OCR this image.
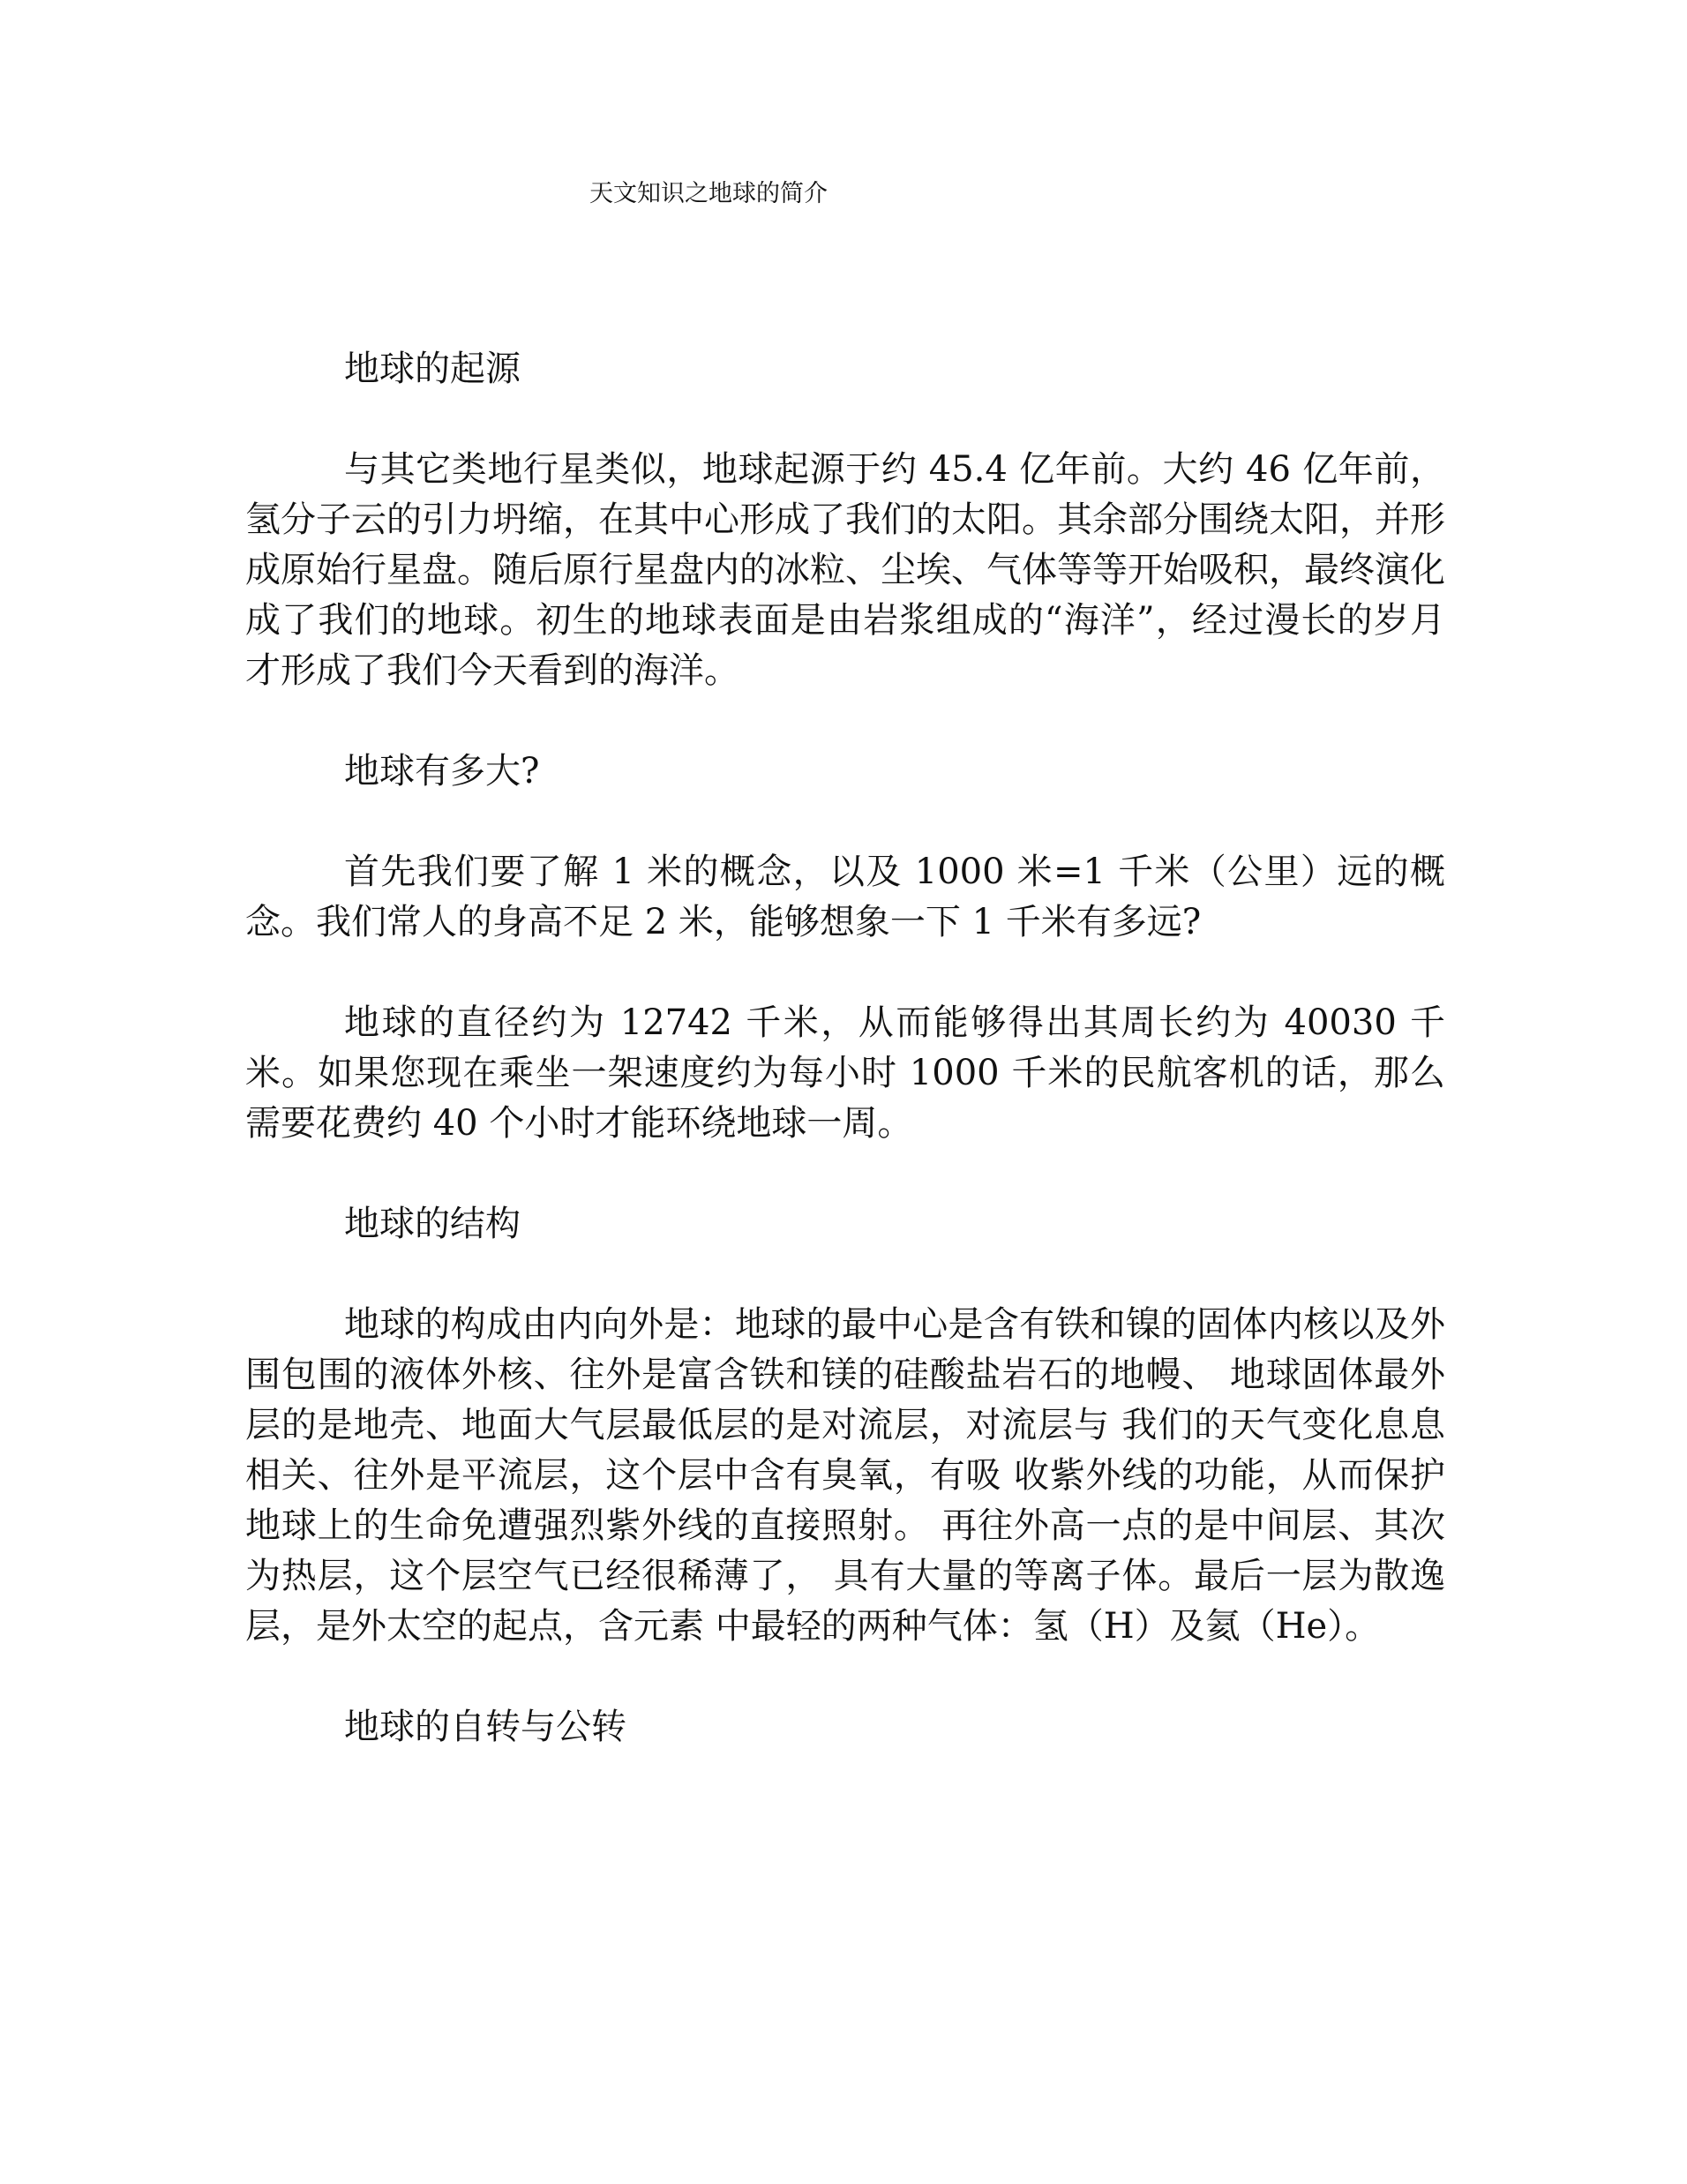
天文知识之地球的简介
地球的起源

与其它类地行星类似，地球起源于约 45.4 亿年前。大约 46 亿年前，氢分子云的引力坍缩，在其中心形成了我们的太阳。其余部分围绕太阳，并形成原始行星盘。随后原行星盘内的冰粒、尘埃、气体等等开始吸积，最终演化成了我们的地球。初生的地球表面是由岩浆组成的“海洋”，经过漫长的岁月才形成了我们今天看到的海洋。

地球有多大?

首先我们要了解 1 米的概念，以及 1000 米=1 千米（公里）远的概念。我们常人的身高不足 2 米，能够想象一下 1 千米有多远?

地球的直径约为 12742 千米，从而能够得出其周长约为 40030 千米。如果您现在乘坐一架速度约为每小时 1000 千米的民航客机的话，那么需要花费约 40 个小时才能环绕地球一周。

地球的结构

地球的构成由内向外是：地球的最中心是含有铁和镍的固体内核以及外围包围的液体外核、往外是富含铁和镁的硅酸盐岩石的地幔、 地球固体最外层的是地壳、地面大气层最低层的是对流层，对流层与 我们的天气变化息息相关、往外是平流层，这个层中含有臭氧，有吸 收紫外线的功能，从而保护地球上的生命免遭强烈紫外线的直接照射。 再往外高一点的是中间层、其次为热层，这个层空气已经很稀薄了， 具有大量的等离子体。最后一层为散逸层，是外太空的起点，含元素 中最轻的两种气体：氢（H）及氦（He）。

地球的自转与公转
